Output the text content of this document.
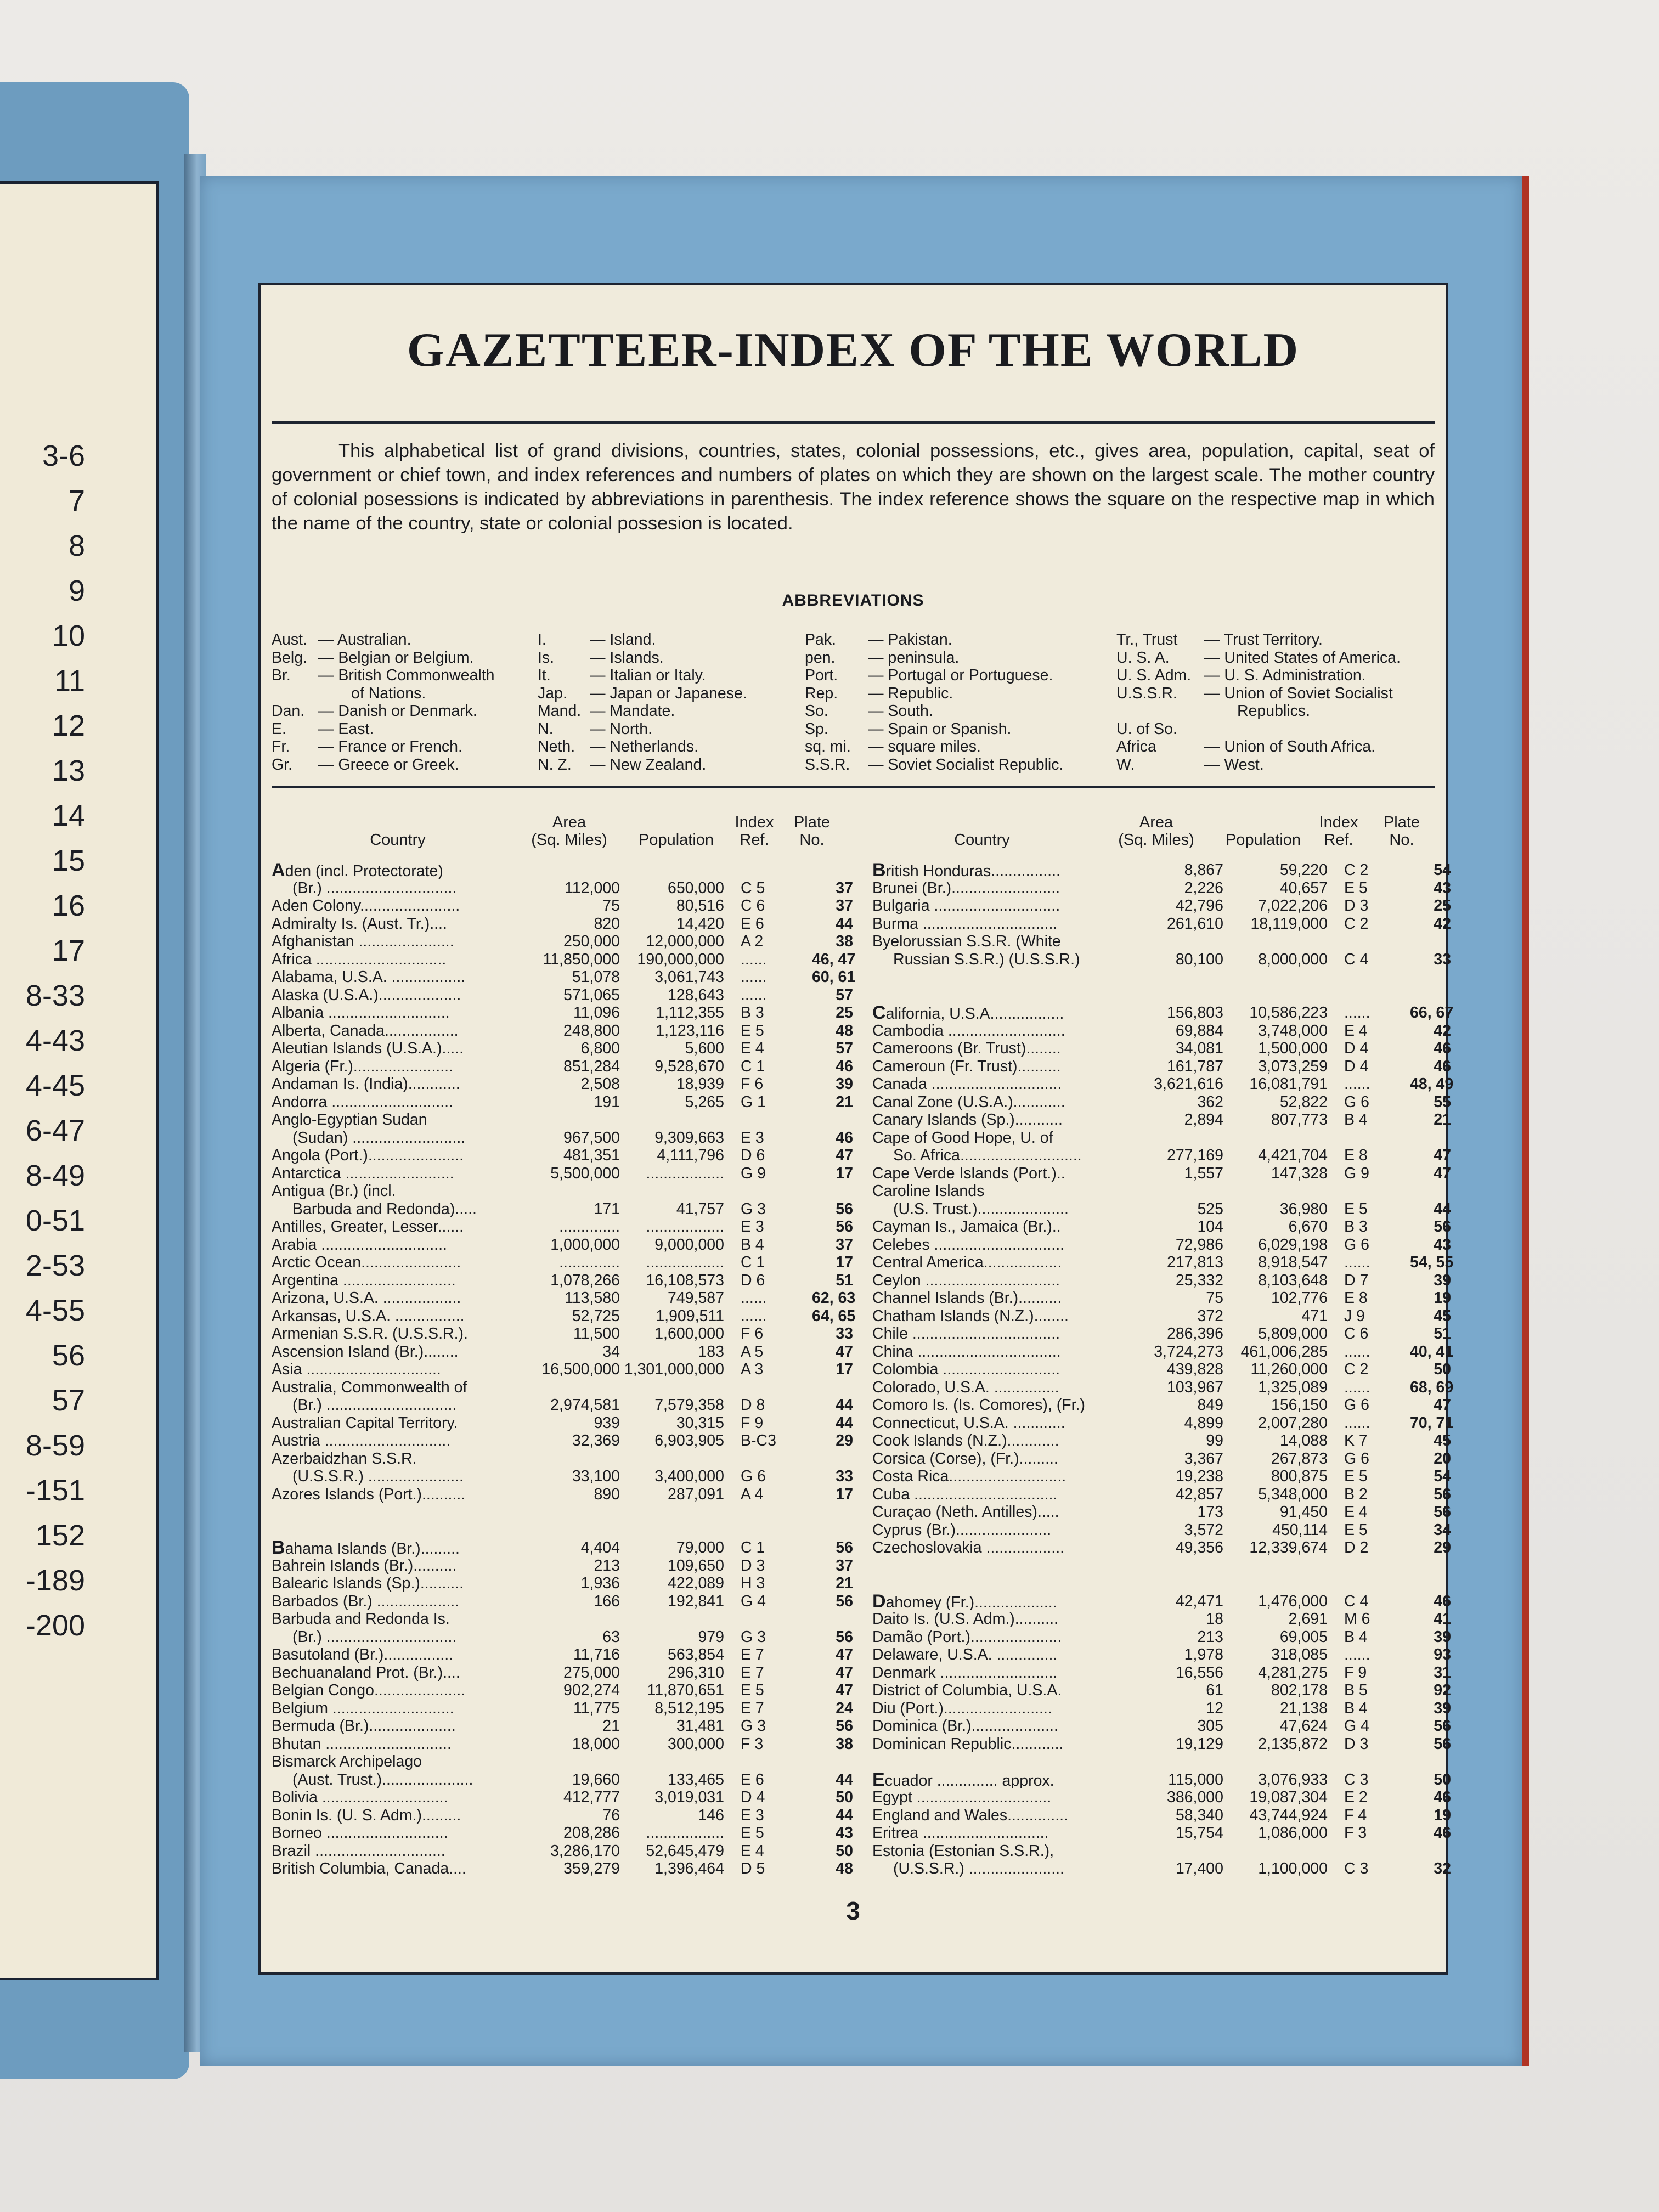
3-6
7
8
9
10
11
12
13
14
15
16
17
8-33
4-43
4-45
6-47
8-49
0-51
2-53
4-55
56
57
8-59
-151
152
-189
-200
GAZETTEER-INDEX OF THE WORLD
This alphabetical list of grand divisions, countries, states, colonial possessions, etc., gives area, population, capital, seat of government or chief town, and index references and numbers of plates on which they are shown on the largest scale. The mother country of colonial posessions is indicated by abbreviations in parenthesis. The index reference shows the square on the respective map in which the name of the country, state or colonial possesion is located.
ABBREVIATIONS
Aust. — Australian.
Belg. — Belgian or Belgium.
Br.	— British Commonwealth
of Nations.
Dan. — Danish or Denmark.
E.	— East.
Fr.	— France or French.
Gr.	— Greece or Greek.
I.	— Island.
Is.	— Islands.
It.	— Italian or Italy.
Jap.	— Japan or Japanese.
Mand. — Mandate.
N.	— North.
Neth. — Netherlands.
N. Z.	— New Zealand.
Pak.	— Pakistan.
pen.	— peninsula.
Port.	— Portugal or Portuguese.
Rep.	— Republic.
So.	— South.
Sp.	— Spain or Spanish.
sq. mi.	— square miles.
S.S.R.	— Soviet Socialist Republic.
Tr., Trust	— Trust Territory.
U. S. A.	— United States of America.
U. S. Adm. — U. S. Administration.
U.S.S.R.	— Union of Soviet Socialist
Republics.
U. of So.
Africa	— Union of South Africa.
W.	— West.
Country
Area
(Sq. Miles)	Population
Index
Ref.
Plate
No.	Country
Area
(Sq. Miles)	Population
Index
Ref.
Plate
No.
Aden (incl. Protectorate)
(Br.) ..............................	112,000	650,000	C 5	37
Aden Colony.......................	75	80,516	C 6	37
Admiralty Is. (Aust. Tr.)....	820	14,420	E 6	44
Afghanistan ......................	250,000	12,000,000	A 2	38
Africa ..............................	11,850,000	190,000,000	......	46, 47
Alabama, U.S.A. .................	51,078	3,061,743	......	60, 61
Alaska (U.S.A.)...................	571,065	128,643	......	57
Albania ............................	11,096	1,112,355	B 3	25
Alberta, Canada.................	248,800	1,123,116	E 5	48
Aleutian Islands (U.S.A.).....	6,800	5,600	E 4	57
Algeria (Fr.).......................	851,284	9,528,670	C 1	46
Andaman Is. (India)............	2,508	18,939	F 6	39
Andorra ............................	191	5,265	G 1	21
Anglo-Egyptian Sudan
(Sudan) ..........................	967,500	9,309,663	E 3	46
Angola (Port.)......................	481,351	4,111,796	D 6	47
Antarctica .........................	5,500,000	..................	G 9	17
Antigua (Br.) (incl.
Barbuda and Redonda).....	171	41,757	G 3	56
Antilles, Greater, Lesser......	..............	..................	E 3	56
Arabia .............................	1,000,000	9,000,000	B 4	37
Arctic Ocean.......................	..............	..................	C 1	17
Argentina ..........................	1,078,266	16,108,573	D 6	51
Arizona, U.S.A. ..................	113,580	749,587	......	62, 63
Arkansas, U.S.A. ................	52,725	1,909,511	......	64, 65
Armenian S.S.R. (U.S.S.R.).	11,500	1,600,000	F 6	33
Ascension Island (Br.)........	34	183	A 5	47
Asia ...............................	16,500,000 1,301,000,000	A 3	17
Australia, Commonwealth of
(Br.) ..............................	2,974,581	7,579,358	D 8	44
Australian Capital Territory.	939	30,315	F 9	44
Austria .............................	32,369	6,903,905	B-C3	29
Azerbaidzhan S.S.R.
(U.S.S.R.) ......................	33,100	3,400,000	G 6	33
Azores Islands (Port.)..........	890	287,091	A 4	17
Bahama Islands (Br.).........	4,404	79,000	C 1	56
Bahrein Islands (Br.)..........	213	109,650	D 3	37
Balearic Islands (Sp.)..........	1,936	422,089	H 3	21
Barbados (Br.) ...................	166	192,841	G 4	56
Barbuda and Redonda Is.
(Br.) ..............................	63	979	G 3	56
Basutoland (Br.)................	11,716	563,854	E 7	47
Bechuanaland Prot. (Br.)....	275,000	296,310	E 7	47
Belgian Congo.....................	902,274	11,870,651	E 5	47
Belgium ............................	11,775	8,512,195	E 7	24
Bermuda (Br.)....................	21	31,481	G 3	56
Bhutan .............................	18,000	300,000	F 3	38
Bismarck Archipelago
(Aust. Trust.).....................	19,660	133,465	E 6	44
Bolivia .............................	412,777	3,019,031	D 4	50
Bonin Is. (U. S. Adm.).........	76	146	E 3	44
Borneo ............................	208,286	..................	E 5	43
Brazil ..............................	3,286,170	52,645,479	E 4	50
British Columbia, Canada....	359,279	1,396,464	D 5	48
British Honduras................	8,867	59,220	C 2	54
Brunei (Br.).........................	2,226	40,657	E 5	43
Bulgaria .............................	42,796	7,022,206	D 3	25
Burma ...............................	261,610	18,119,000	C 2	42
Byelorussian S.S.R. (White
Russian S.S.R.) (U.S.S.R.)	80,100	8,000,000	C 4	33
California, U.S.A.................	156,803	10,586,223	......	66, 67
Cambodia ...........................	69,884	3,748,000	E 4	42
Cameroons (Br. Trust)........	34,081	1,500,000	D 4	46
Cameroun (Fr. Trust)..........	161,787	3,073,259	D 4	46
Canada ..............................	3,621,616	16,081,791	......	48, 49
Canal Zone (U.S.A.)............	362	52,822	G 6	55
Canary Islands (Sp.)...........	2,894	807,773	B 4	21
Cape of Good Hope, U. of
So. Africa............................	277,169	4,421,704	E 8	47
Cape Verde Islands (Port.)..	1,557	147,328	G 9	47
Caroline Islands
(U.S. Trust.).....................	525	36,980	E 5	44
Cayman Is., Jamaica (Br.)..	104	6,670	B 3	56
Celebes ..............................	72,986	6,029,198	G 6	43
Central America..................	217,813	8,918,547	......	54, 55
Ceylon ...............................	25,332	8,103,648	D 7	39
Channel Islands (Br.)..........	75	102,776	E 8	19
Chatham Islands (N.Z.)........	372	471	J 9	45
Chile ..................................	286,396	5,809,000	C 6	51
China .................................	3,724,273	461,006,285	......	40, 41
Colombia ...........................	439,828	11,260,000	C 2	50
Colorado, U.S.A. ...............	103,967	1,325,089	......	68, 69
Comoro Is. (Is. Comores), (Fr.)	849	156,150	G 6	47
Connecticut, U.S.A. ............	4,899	2,007,280	......	70, 71
Cook Islands (N.Z.)............	99	14,088	K 7	45
Corsica (Corse), (Fr.).........	3,367	267,873	G 6	20
Costa Rica...........................	19,238	800,875	E 5	54
Cuba .................................	42,857	5,348,000	B 2	56
Curaçao (Neth. Antilles).....	173	91,450	E 4	56
Cyprus (Br.)......................	3,572	450,114	E 5	34
Czechoslovakia ..................	49,356	12,339,674	D 2	29
Dahomey (Fr.)...................	42,471	1,476,000	C 4	46
Daito Is. (U.S. Adm.)..........	18	2,691	M 6	41
Damão (Port.).....................	213	69,005	B 4	39
Delaware, U.S.A. ..............	1,978	318,085	......	93
Denmark ...........................	16,556	4,281,275	F 9	31
District of Columbia, U.S.A.	61	802,178	B 5	92
Diu (Port.).........................	12	21,138	B 4	39
Dominica (Br.)....................	305	47,624	G 4	56
Dominican Republic............	19,129	2,135,872	D 3	56
Ecuador .............. approx.	115,000	3,076,933	C 3	50
Egypt ...............................	386,000	19,087,304	E 2	46
England and Wales..............	58,340	43,744,924	F 4	19
Eritrea .............................	15,754	1,086,000	F 3	46
Estonia (Estonian S.S.R.),
(U.S.S.R.) ......................	17,400	1,100,000	C 3	32
3
